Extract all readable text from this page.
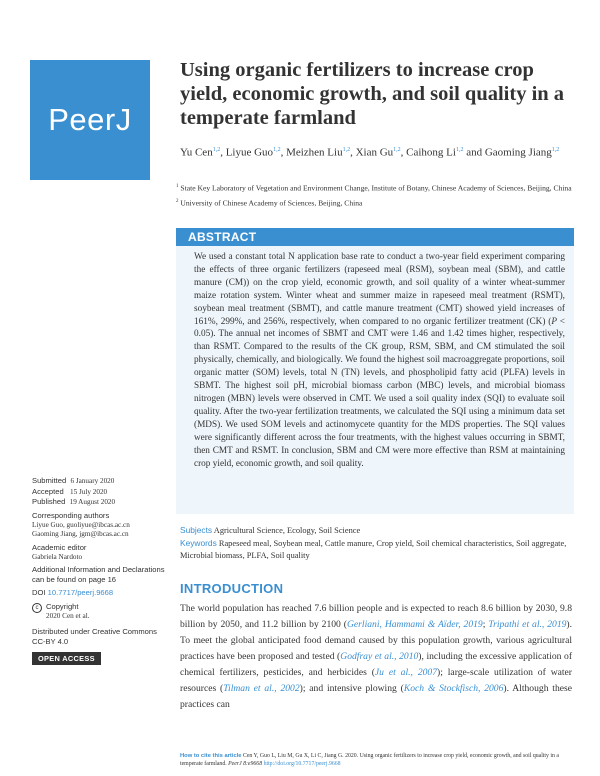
PeerJ
Using organic fertilizers to increase crop yield, economic growth, and soil quality in a temperate farmland
Yu Cen$^{1,2}$, Liyue Guo$^{1,2}$, Meizhen Liu$^{1,2}$, Xian Gu$^{1,2}$, Caihong Li$^{1,2}$ and Gaoming Jiang$^{1,2}$
$^1$ State Key Laboratory of Vegetation and Environment Change, Institute of Botany, Chinese Academy of Sciences, Beijing, China
$^2$ University of Chinese Academy of Sciences, Beijing, China
ABSTRACT

We used a constant total N application base rate to conduct a two-year field experiment comparing the effects of three organic fertilizers (rapeseed meal (RSM), soybean meal (SBM), and cattle manure (CM)) on the crop yield, economic growth, and soil quality of a winter wheat-summer maize rotation system. Winter wheat and summer maize in rapeseed meal treatment (RSMT), soybean meal treatment (SBMT), and cattle manure treatment (CMT) showed yield increases of 161%, 299%, and 256%, respectively, when compared to no organic fertilizer treatment (CK) (P < 0.05). The annual net incomes of SBMT and CMT were 1.46 and 1.42 times higher, respectively, than RSMT. Compared to the results of the CK group, RSM, SBM, and CM stimulated the soil physically, chemically, and biologically. We found the highest soil macroaggregate proportions, soil organic matter (SOM) levels, total N (TN) levels, and phospholipid fatty acid (PLFA) levels in SBMT. The highest soil pH, microbial biomass carbon (MBC) levels, and microbial biomass nitrogen (MBN) levels were observed in CMT. We used a soil quality index (SQI) to evaluate soil quality. After the two-year fertilization treatments, we calculated the SQI using a minimum data set (MDS). We used SOM levels and actinomycete quantity for the MDS properties. The SQI values were significantly different across the four treatments, with the highest values occurring in SBMT, then CMT and RSMT. In conclusion, SBM and CM were more effective than RSM at maintaining crop yield, economic growth, and soil quality.

Submitted 6 January 2020
Accepted 15 July 2020
Published 19 August 2020
Corresponding authors
Liyue Guo, guoliyue@ibcas.ac.cn
Gaoming Jiang, jgm@ibcas.ac.cn
Academic editor
Gabriela Nardoto
Additional Information and Declarations can be found on page 16
DOI 10.7717/peerj.9668
c Copyright
2020 Cen et al.
Distributed under Creative Commons CC-BY 4.0
OPEN ACCESS
Subjects Agricultural Science, Ecology, Soil Science
Keywords Rapeseed meal, Soybean meal, Cattle manure, Crop yield, Soil chemical characteristics, Soil aggregate, Microbial biomass, PLFA, Soil quality
INTRODUCTION

The world population has reached 7.6 billion people and is expected to reach 8.6 billion by 2030, 9.8 billion by 2050, and 11.2 billion by 2100 (Gerliani, Hammami & Aïder, 2019; Tripathi et al., 2019). To meet the global anticipated food demand caused by this population growth, various agricultural practices have been proposed and tested (Godfray et al., 2010), including the excessive application of chemical fertilizers, pesticides, and herbicides (Ju et al., 2007); large-scale utilization of water resources (Tilman et al., 2002); and intensive plowing (Koch & Stockfisch, 2006). Although these practices can

How to cite this article Cen Y, Guo L, Liu M, Gu X, Li C, Jiang G. 2020. Using organic fertilizers to increase crop yield, economic growth, and soil quality in a temperate farmland. PeerJ 8:e9668 http://doi.org/10.7717/peerj.9668
